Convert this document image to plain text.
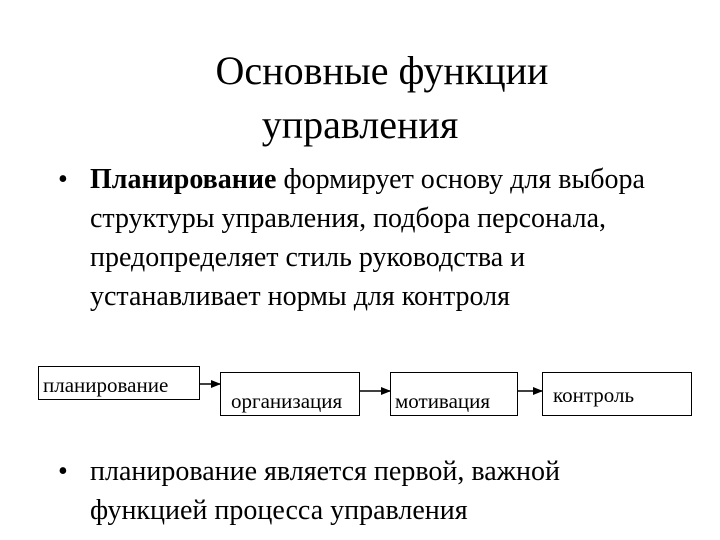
Основные функции
управления
• Планирование формирует основу для выбора структуры управления, подбора персонала, предопределяет стиль руководства и устанавливает нормы для контроля
планирование
организация	мотивация	контроль
• планирование является первой, важной функцией процесса управления
